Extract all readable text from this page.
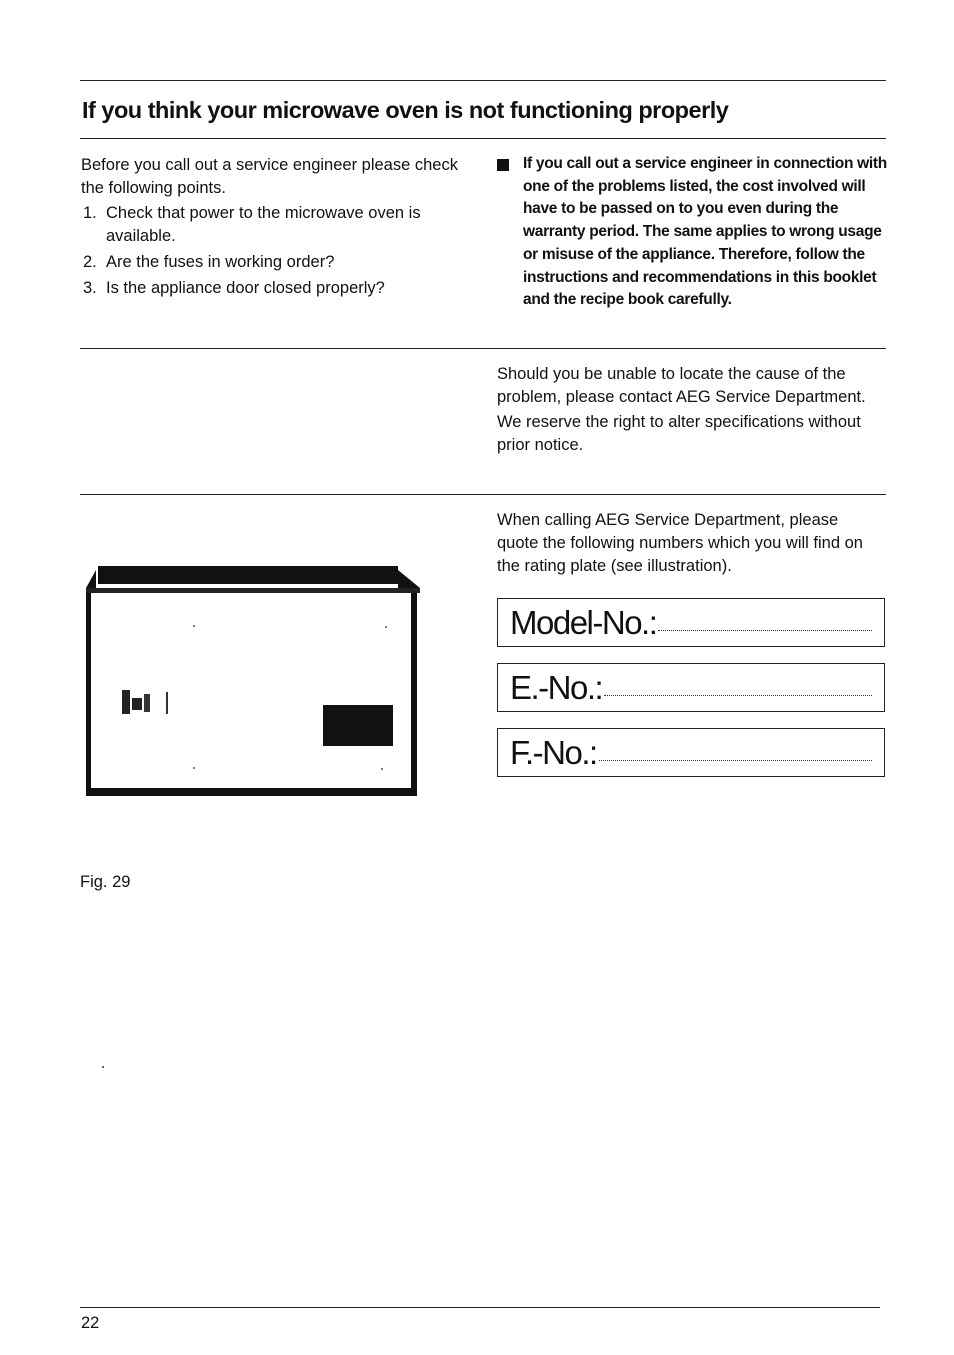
If you think your microwave oven is not functioning properly
Before you call out a service engineer please check the following points.
1. Check that power to the microwave oven is available.
2. Are the fuses in working order?
3. Is the appliance door closed properly?
If you call out a service engineer in connection with one of the problems listed, the cost involved will have to be passed on to you even during the warranty period. The same applies to wrong usage or misuse of the appliance. Therefore, follow the instructions and recommendations in this booklet and the recipe book carefully.

Should you be unable to locate the cause of the problem, please contact AEG Service Department.

We reserve the right to alter specifications without prior notice.

When calling AEG Service Department, please quote the following numbers which you will find on the rating plate (see illustration).

Model-No.:
E.-No.:
F.-No.:
Fig. 29
22
